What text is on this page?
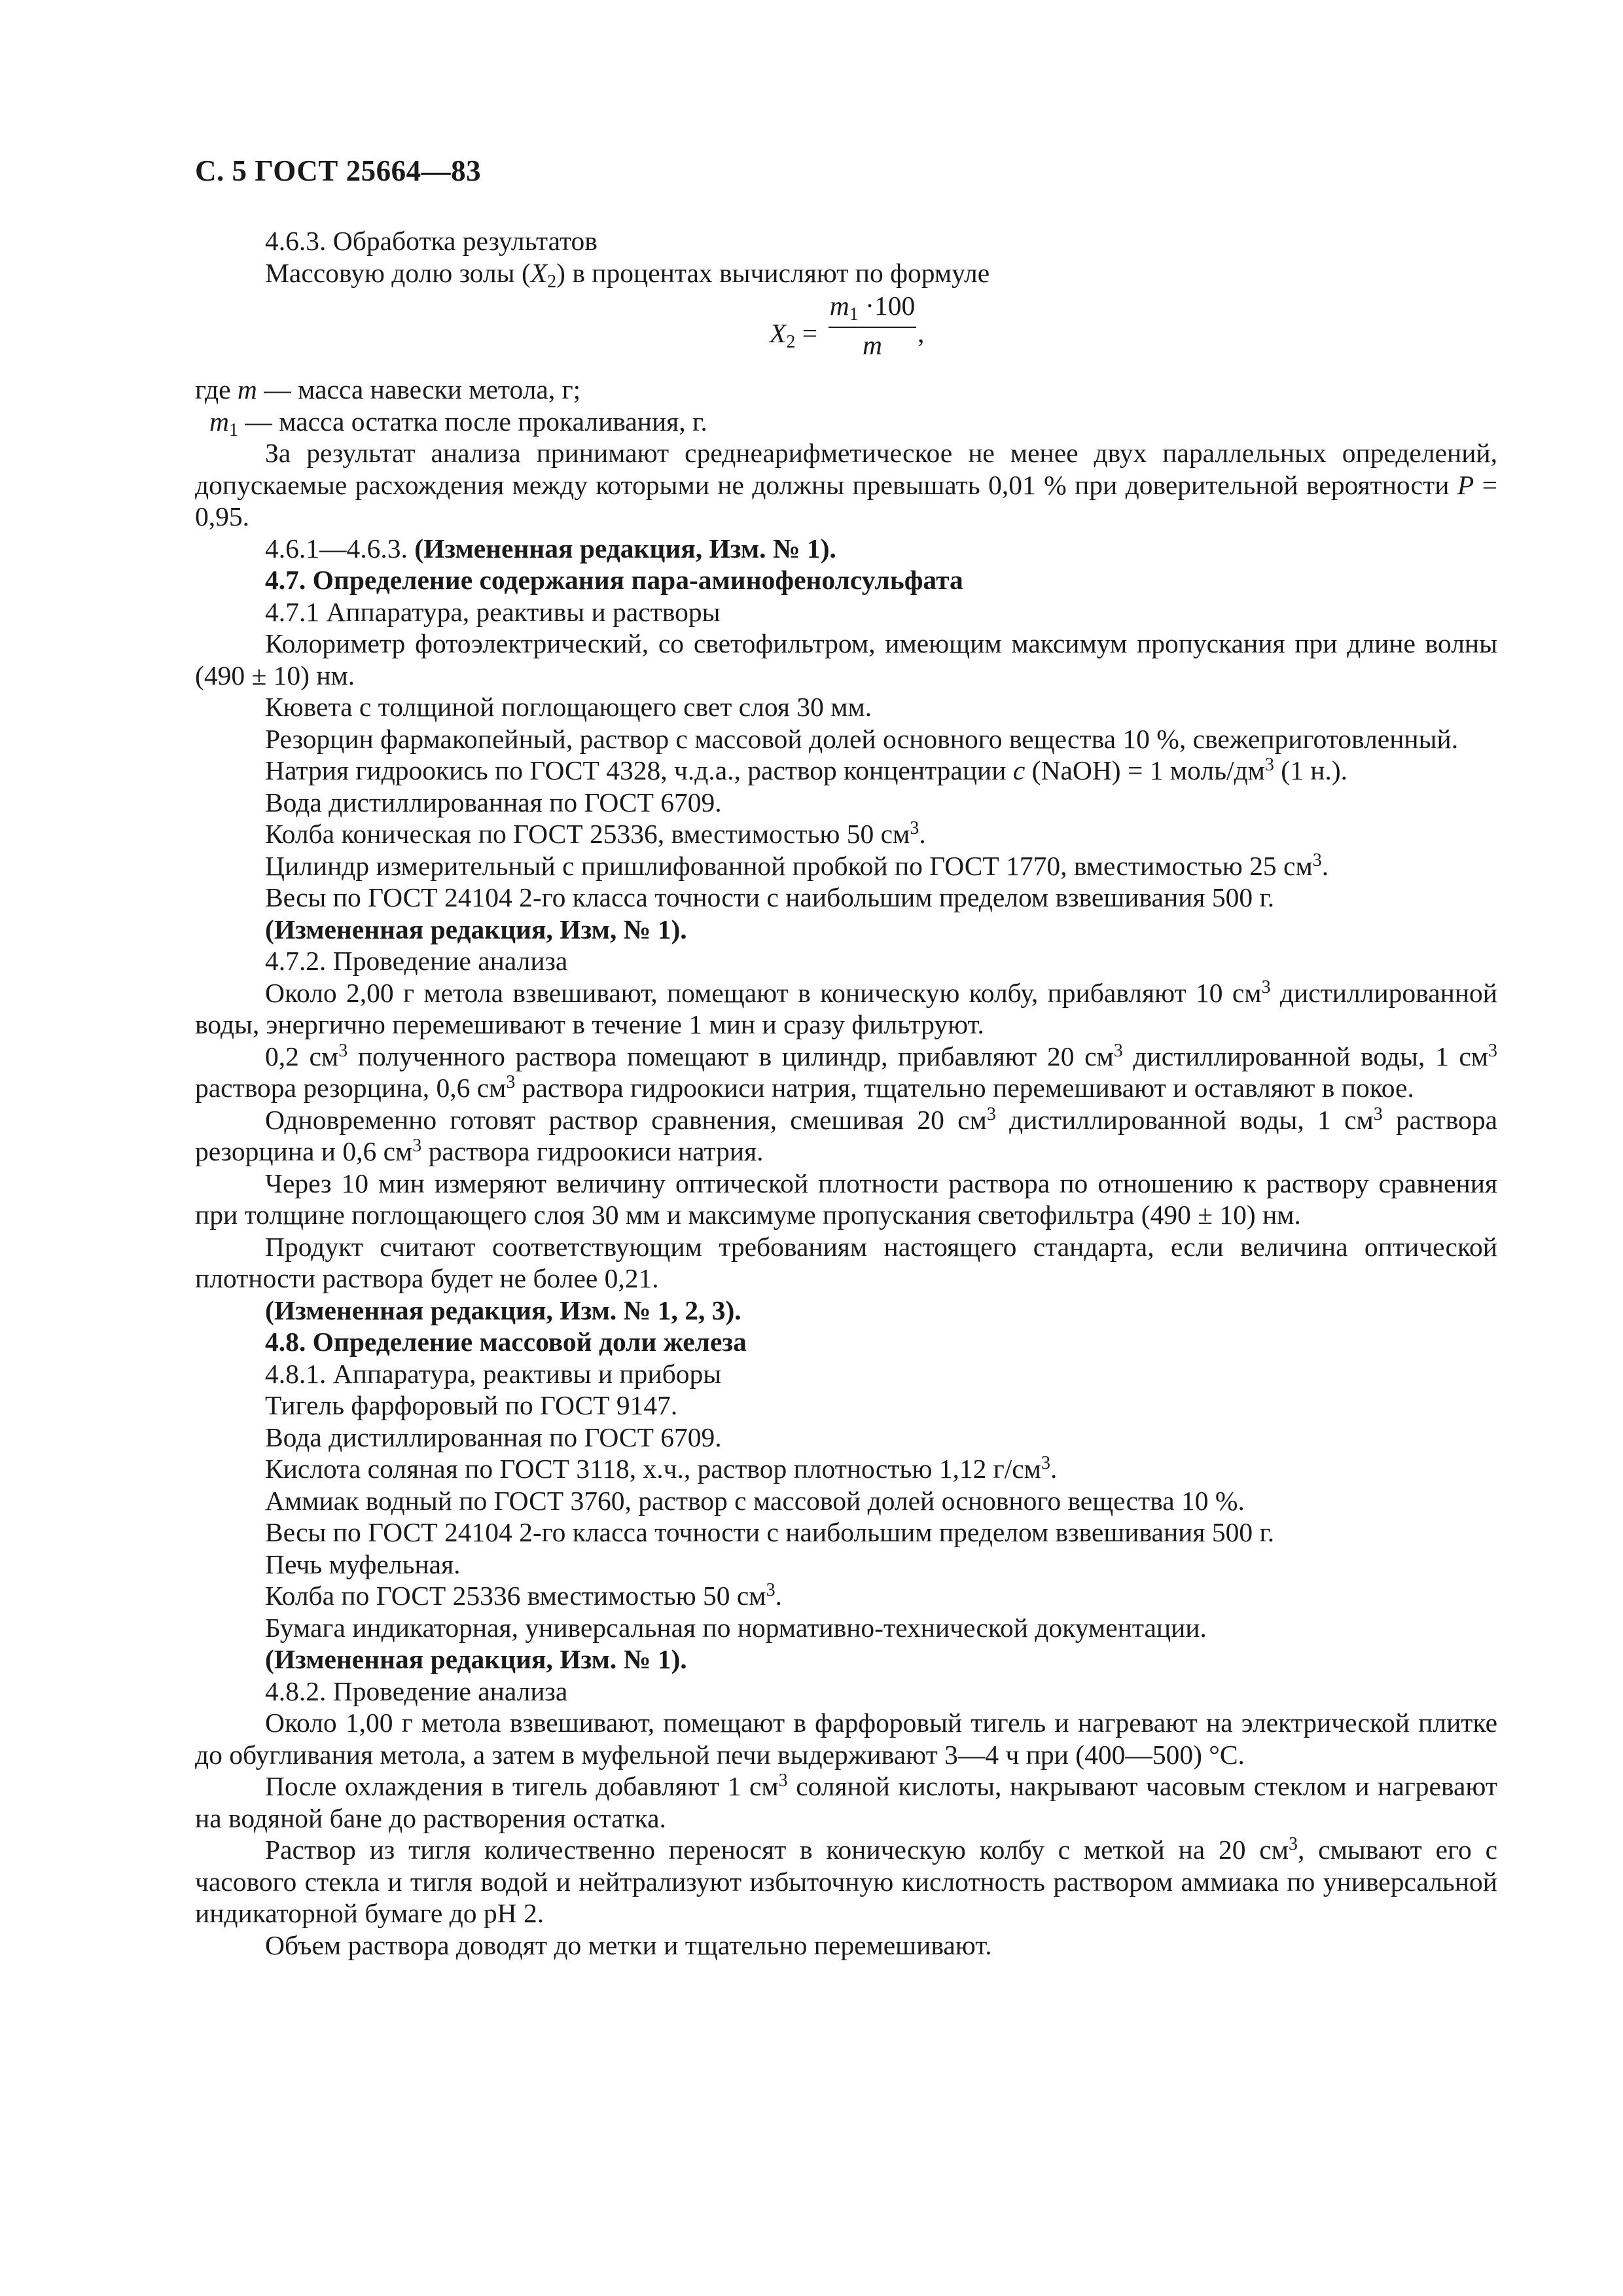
С. 5 ГОСТ 25664—83

4.6.3. Обработка результатов

Массовую долю золы $(X_2)$ в процентах вычисляют по формуле

$X_2$ =
$m_1 \cdot 100$
m	,

где m — масса навески метола, г;

$m_1$ — масса остатка после прокаливания, г.

За результат анализа принимают среднеарифметическое не менее двух параллельных определений, допускаемые расхождения между которыми не должны превышать 0,01 % при доверительной вероятности P = 0,95.

4.6.1—4.6.3. (Измененная редакция, Изм. № 1).

4.7. Определение содержания пара-аминофенолсульфата

4.7.1 Аппаратура, реактивы и растворы

Колориметр фотоэлектрический, со светофильтром, имеющим максимум пропускания при длине волны (490 ± 10) нм.

Кювета с толщиной поглощающего свет слоя 30 мм.

Резорцин фармакопейный, раствор с массовой долей основного вещества 10 %, свежеприготовленный.

Натрия гидроокись по ГОСТ 4328, ч.д.а., раствор концентрации c (NaOH) = 1 моль/$дм^3$ (1 н.).

Вода дистиллированная по ГОСТ 6709.

Колба коническая по ГОСТ 25336, вместимостью 50 $см^3$.

Цилиндр измерительный с пришлифованной пробкой по ГОСТ 1770, вместимостью 25 $см^3$.

Весы по ГОСТ 24104 2-го класса точности с наибольшим пределом взвешивания 500 г.

(Измененная редакция, Изм, № 1).

4.7.2. Проведение анализа

Около 2,00 г метола взвешивают, помещают в коническую колбу, прибавляют 10 $см^3$ дистиллированной воды, энергично перемешивают в течение 1 мин и сразу фильтруют.

0,2 $см^3$ полученного раствора помещают в цилиндр, прибавляют 20 $см^3$ дистиллированной воды, 1 $см^3$ раствора резорцина, 0,6 $см^3$ раствора гидроокиси натрия, тщательно перемешивают и оставляют в покое.

Одновременно готовят раствор сравнения, смешивая 20 $см^3$ дистиллированной воды, 1 $см^3$ раствора резорцина и 0,6 $см^3$ раствора гидроокиси натрия.

Через 10 мин измеряют величину оптической плотности раствора по отношению к раствору сравнения при толщине поглощающего слоя 30 мм и максимуме пропускания светофильтра (490 ± 10) нм.

Продукт считают соответствующим требованиям настоящего стандарта, если величина оптической плотности раствора будет не более 0,21.

(Измененная редакция, Изм. № 1, 2, 3).

4.8. Определение массовой доли железа

4.8.1. Аппаратура, реактивы и приборы

Тигель фарфоровый по ГОСТ 9147.

Вода дистиллированная по ГОСТ 6709.

Кислота соляная по ГОСТ 3118, х.ч., раствор плотностью 1,12 $г/см^3$.

Аммиак водный по ГОСТ 3760, раствор с массовой долей основного вещества 10 %.

Весы по ГОСТ 24104 2-го класса точности с наибольшим пределом взвешивания 500 г.

Печь муфельная.

Колба по ГОСТ 25336 вместимостью 50 $см^3$.

Бумага индикаторная, универсальная по нормативно-технической документации.

(Измененная редакция, Изм. № 1).

4.8.2. Проведение анализа

Около 1,00 г метола взвешивают, помещают в фарфоровый тигель и нагревают на электрической плитке до обугливания метола, а затем в муфельной печи выдерживают 3—4 ч при (400—500) °С.

После охлаждения в тигель добавляют 1 $см^3$ соляной кислоты, накрывают часовым стеклом и нагревают на водяной бане до растворения остатка.

Раствор из тигля количественно переносят в коническую колбу с меткой на 20 $см^3$, смывают его с часового стекла и тигля водой и нейтрализуют избыточную кислотность раствором аммиака по универсальной индикаторной бумаге до рН 2.

Объем раствора доводят до метки и тщательно перемешивают.
